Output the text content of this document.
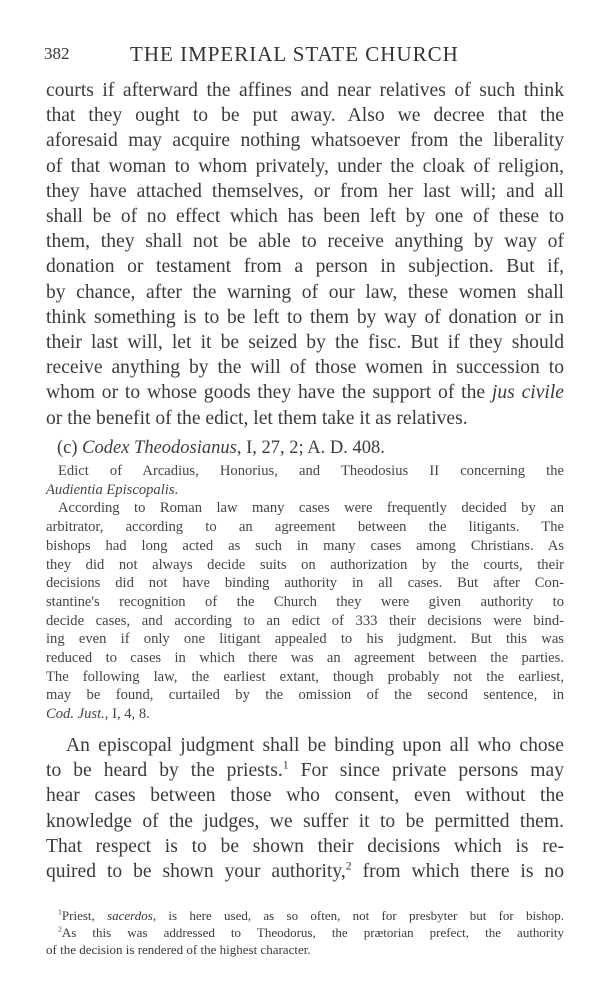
382	THE IMPERIAL STATE CHURCH
courts if afterward the affines and near relatives of such think
that they ought to be put away. Also we decree that the
aforesaid may acquire nothing whatsoever from the liberality
of that woman to whom privately, under the cloak of religion,
they have attached themselves, or from her last will; and all
shall be of no effect which has been left by one of these to
them, they shall not be able to receive anything by way of
donation or testament from a person in subjection. But if,
by chance, after the warning of our law, these women shall
think something is to be left to them by way of donation or in
their last will, let it be seized by the fisc. But if they should
receive anything by the will of those women in succession to
whom or to whose goods they have the support of the jus civile
or the benefit of the edict, let them take it as relatives.
(c) Codex Theodosianus, I, 27, 2; A. D. 408.
Edict of Arcadius, Honorius, and Theodosius II concerning the
Audientia Episcopalis.
According to Roman law many cases were frequently decided by an
arbitrator, according to an agreement between the litigants. The
bishops had long acted as such in many cases among Christians. As
they did not always decide suits on authorization by the courts, their
decisions did not have binding authority in all cases. But after Con-
stantine's recognition of the Church they were given authority to
decide cases, and according to an edict of 333 their decisions were bind-
ing even if only one litigant appealed to his judgment. But this was
reduced to cases in which there was an agreement between the parties.
The following law, the earliest extant, though probably not the earliest,
may be found, curtailed by the omission of the second sentence, in
Cod. Just., I, 4, 8.
An episcopal judgment shall be binding upon all who chose
to be heard by the priests.$^1$ For since private persons may
hear cases between those who consent, even without the
knowledge of the judges, we suffer it to be permitted them.
That respect is to be shown their decisions which is re-
quired to be shown your authority,$^2$ from which there is no
$^1$Priest, sacerdos, is here used, as so often, not for presbyter but for bishop.
$^2$As this was addressed to Theodorus, the prætorian prefect, the authority
of the decision is rendered of the highest character.
